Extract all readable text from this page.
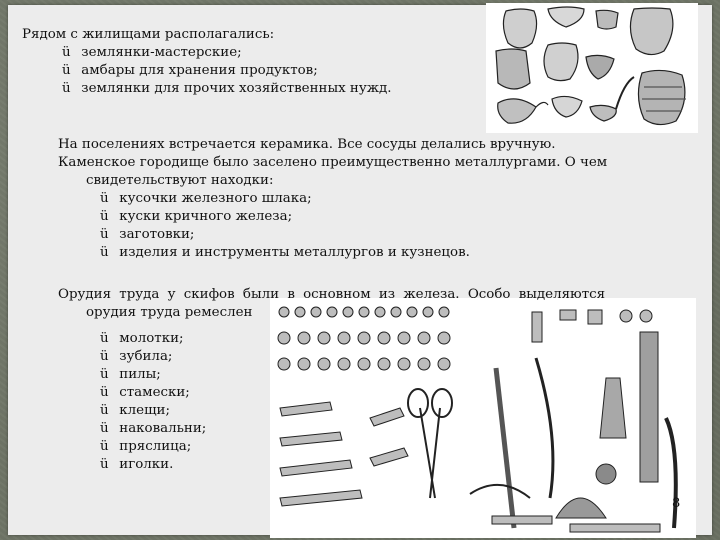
Рядом с жилищами располагались:
ü землянки-мастерские;
ü амбары для хранения продуктов;
ü землянки для прочих хозяйственных нужд.
На поселениях встречается керамика. Все сосуды делались вручную.
Каменское городище было заселено преимущественно металлургами. О чем
свидетельствуют находки:
ü кусочки железного шлака;
ü куски кричного железа;
ü заготовки;
ü изделия и инструменты металлургов и кузнецов.
Орудия труда у скифов были в основном из железа. Особо выделяются
орудия труда ремеслен
ü молотки;
ü зубила;
ü пилы;
ü стамески;
ü клещи;
ü наковальни;
ü пряслица;
ü иголки.
8
